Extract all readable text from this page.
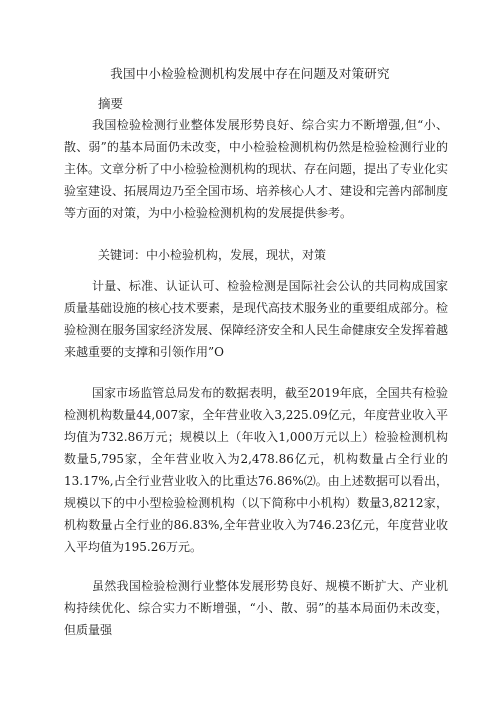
我国中小检验检测机构发展中存在问题及对策研究
摘要

我国检验检测行业整体发展形势良好、综合实力不断增强,但“小、散、弱”的基本局面仍未改变，中小检验检测机构仍然是检验检测行业的主体。文章分析了中小检验检测机构的现状、存在问题，提出了专业化实验室建设、拓展周边乃至全国市场、培养核心人才、建设和完善内部制度等方面的对策，为中小检验检测机构的发展提供参考。

关键词：中小检验机构，发展，现状，对策

计量、标准、认证认可、检验检测是国际社会公认的共同构成国家质量基础设施的核心技术要素，是现代高技术服务业的重要组成部分。检验检测在服务国家经济发展、保障经济安全和人民生命健康安全发挥着越来越重要的支撑和引领作用”O

国家市场监管总局发布的数据表明，截至2019年底，全国共有检验检测机构数量44,007家，全年营业收入3,225.09亿元，年度营业收入平均值为732.86万元；规模以上（年收入1,000万元以上）检验检测机构数量5,795家，全年营业收入为2,478.86亿元，机构数量占全行业的13.17%,占全行业营业收入的比重达76.86%⑵。由上述数据可以看出，规模以下的中小型检验检测机构（以下简称中小机构）数量3,8212家，机构数量占全行业的86.83%,全年营业收入为746.23亿元，年度营业收入平均值为195.26万元。

虽然我国检验检测行业整体发展形势良好、规模不断扩大、产业机构持续优化、综合实力不断增强，“小、散、弱”的基本局面仍未改变，但质量强
